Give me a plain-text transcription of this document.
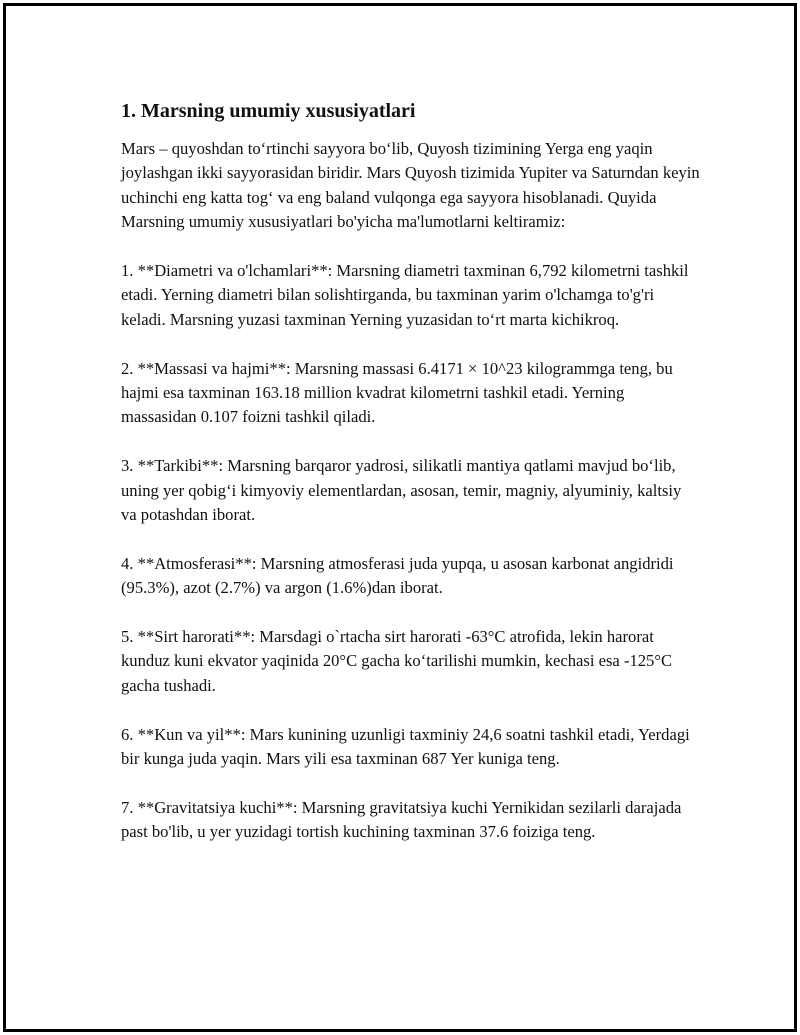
1. Marsning umumiy xususiyatlari

Mars – quyoshdan to‘rtinchi sayyora bo‘lib, Quyosh tizimining Yerga eng yaqin joylashgan ikki sayyorasidan biridir. Mars Quyosh tizimida Yupiter va Saturndan keyin uchinchi eng katta tog‘ va eng baland vulqonga ega sayyora hisoblanadi. Quyida Marsning umumiy xususiyatlari bo'yicha ma'lumotlarni keltiramiz:

1. **Diametri va o'lchamlari**: Marsning diametri taxminan 6,792 kilometrni tashkil etadi. Yerning diametri bilan solishtirganda, bu taxminan yarim o'lchamga to'g'ri keladi. Marsning yuzasi taxminan Yerning yuzasidan to‘rt marta kichikroq.

2. **Massasi va hajmi**: Marsning massasi 6.4171 × 10^23 kilogrammga teng, bu hajmi esa taxminan 163.18 million kvadrat kilometrni tashkil etadi. Yerning massasidan 0.107 foizni tashkil qiladi.

3. **Tarkibi**: Marsning barqaror yadrosi, silikatli mantiya qatlami mavjud bo‘lib, uning yer qobig‘i kimyoviy elementlardan, asosan, temir, magniy, alyuminiy, kaltsiy va potashdan iborat.

4. **Atmosferasi**: Marsning atmosferasi juda yupqa, u asosan karbonat angidridi (95.3%), azot (2.7%) va argon (1.6%)dan iborat.

5. **Sirt harorati**: Marsdagi o`rtacha sirt harorati -63°C atrofida, lekin harorat kunduz kuni ekvator yaqinida 20°C gacha ko‘tarilishi mumkin, kechasi esa -125°C gacha tushadi.

6. **Kun va yil**: Mars kunining uzunligi taxminiy 24,6 soatni tashkil etadi, Yerdagi bir kunga juda yaqin. Mars yili esa taxminan 687 Yer kuniga teng.

7. **Gravitatsiya kuchi**: Marsning gravitatsiya kuchi Yernikidan sezilarli darajada past bo'lib, u yer yuzidagi tortish kuchining taxminan 37.6 foiziga teng.
